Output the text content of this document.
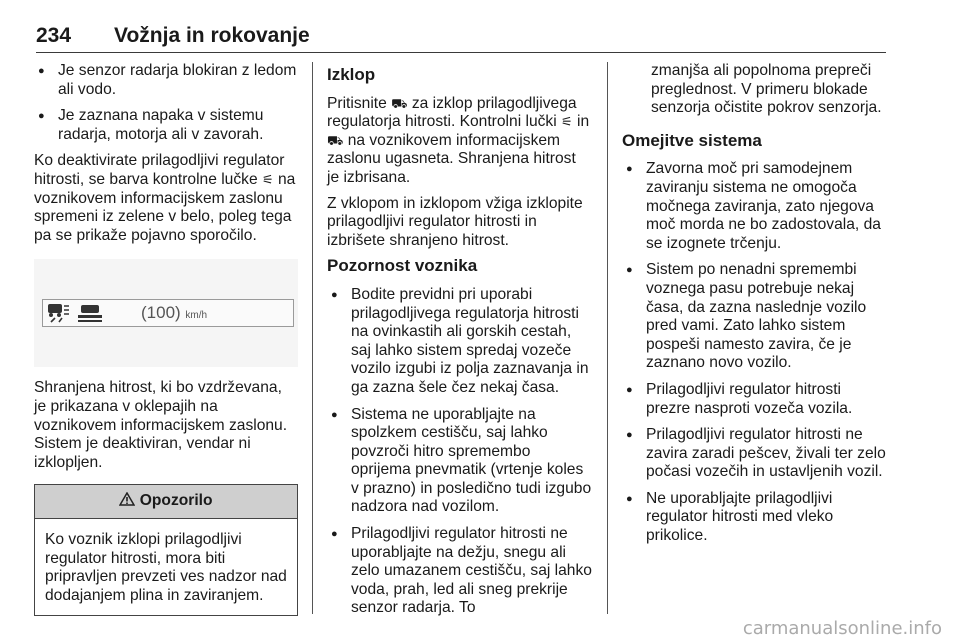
234 Vožnja in rokovanje
● Je senzor radarja blokiran z ledom ali vodo.
● Je zaznana napaka v sistemu radarja, motorja ali v zavorah.

Ko deaktivirate prilagodljivi regulator hitrosti, se barva kontrolne lučke ⚟ na voznikovem informacijskem zaslonu spremeni iz zelene v belo, poleg tega pa se prikaže pojavno sporočilo.

(100) km/h

Shranjena hitrost, ki bo vzdrževana, je prikazana v oklepajih na voznikovem informacijskem zaslonu. Sistem je deaktiviran, vendar ni izklopljen.

Opozorilo
Ko voznik izklopi prilagodljivi regulator hitrosti, mora biti pripravljen prevzeti ves nadzor nad dodajanjem plina in zaviranjem.
Izklop

Pritisnite ⛟ za izklop prilagodljivega regulatorja hitrosti. Kontrolni lučki ⚟ in ⛟ na voznikovem informacijskem zaslonu ugasneta. Shranjena hitrost je izbrisana.

Z vklopom in izklopom vžiga izklopite prilagodljivi regulator hitrosti in izbrišete shranjeno hitrost.

Pozornost voznika
● Bodite previdni pri uporabi prilagodljivega regulatorja hitrosti na ovinkastih ali gorskih cestah, saj lahko sistem spredaj vozeče vozilo izgubi iz polja zaznavanja in ga zazna šele čez nekaj časa.
● Sistema ne uporabljajte na spolzkem cestišču, saj lahko povzroči hitro spremembo oprijema pnevmatik (vrtenje koles v prazno) in posledično tudi izgubo nadzora nad vozilom.
● Prilagodljivi regulator hitrosti ne uporabljajte na dežju, snegu ali zelo umazanem cestišču, saj lahko voda, prah, led ali sneg prekrije senzor radarja. To

zmanjša ali popolnoma prepreči preglednost. V primeru blokade senzorja očistite pokrov senzorja.

Omejitve sistema
● Zavorna moč pri samodejnem zaviranju sistema ne omogoča močnega zaviranja, zato njegova moč morda ne bo zadostovala, da se izognete trčenju.
● Sistem po nenadni spremembi voznega pasu potrebuje nekaj časa, da zazna naslednje vozilo pred vami. Zato lahko sistem pospeši namesto zavira, če je zaznano novo vozilo.
● Prilagodljivi regulator hitrosti prezre nasproti vozeča vozila.
● Prilagodljivi regulator hitrosti ne zavira zaradi pešcev, živali ter zelo počasi vozečih in ustavljenih vozil.
● Ne uporabljajte prilagodljivi regulator hitrosti med vleko prikolice.
carmanualsonline.info
